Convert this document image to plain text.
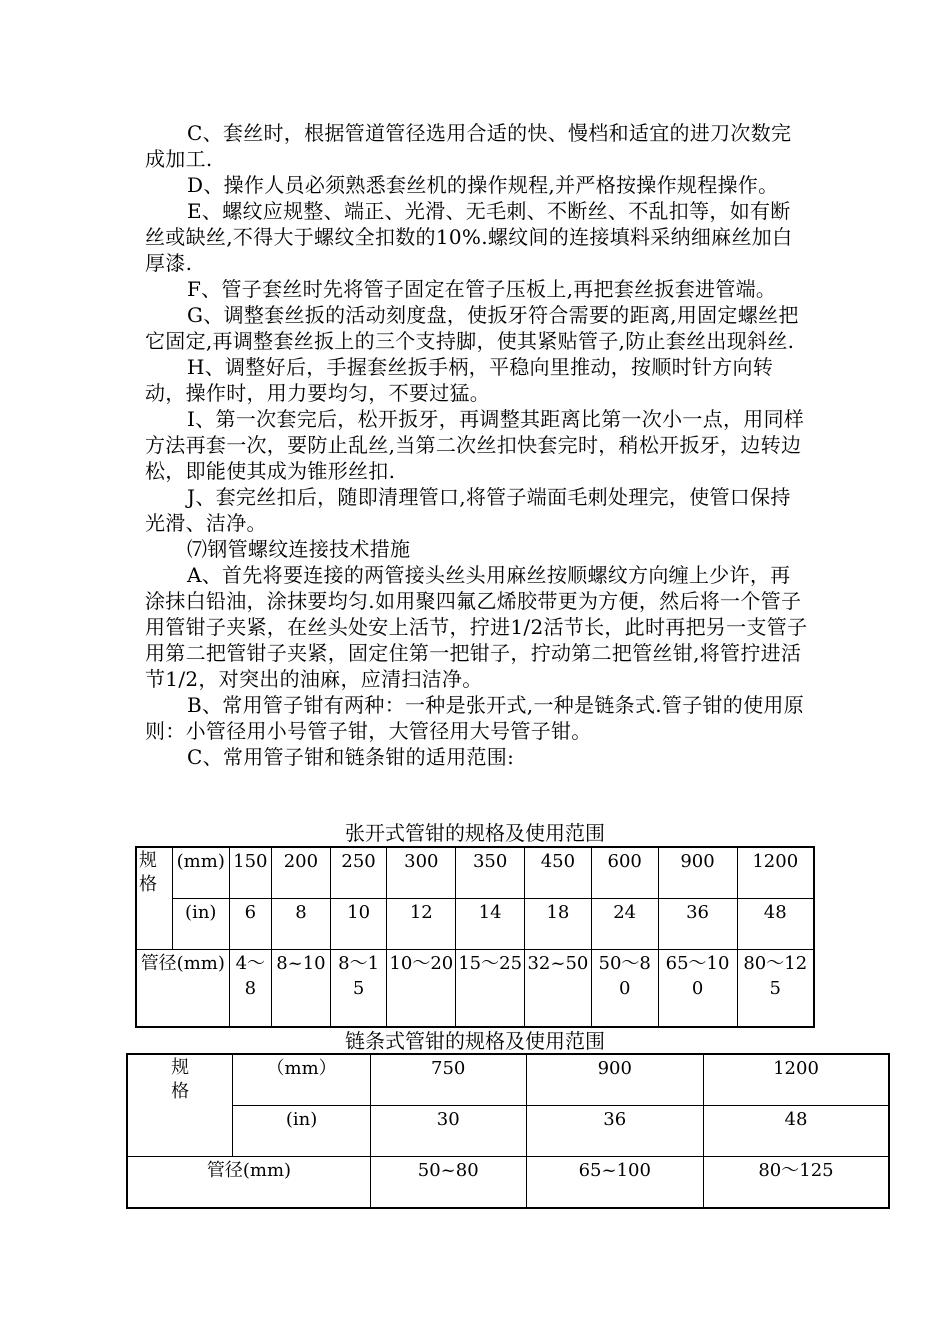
C、套丝时，根据管道管径选用合适的快、慢档和适宜的进刀次数完成加工.

D、操作人员必须熟悉套丝机的操作规程,并严格按操作规程操作。

E、螺纹应规整、端正、光滑、无毛刺、不断丝、不乱扣等，如有断丝或缺丝,不得大于螺纹全扣数的10%.螺纹间的连接填料采纳细麻丝加白厚漆.

F、管子套丝时先将管子固定在管子压板上,再把套丝扳套进管端。

G、调整套丝扳的活动刻度盘，使扳牙符合需要的距离,用固定螺丝把它固定,再调整套丝扳上的三个支持脚，使其紧贴管子,防止套丝出现斜丝.

H、调整好后，手握套丝扳手柄，平稳向里推动，按顺时针方向转动，操作时，用力要均匀，不要过猛。

I、第一次套完后，松开扳牙，再调整其距离比第一次小一点，用同样方法再套一次，要防止乱丝,当第二次丝扣快套完时，稍松开扳牙，边转边松，即能使其成为锥形丝扣.

J、套完丝扣后，随即清理管口,将管子端面毛刺处理完，使管口保持光滑、洁净。

⑺钢管螺纹连接技术措施

A、首先将要连接的两管接头丝头用麻丝按顺螺纹方向缠上少许，再涂抹白铅油，涂抹要均匀.如用聚四氟乙烯胶带更为方便，然后将一个管子用管钳子夹紧，在丝头处安上活节，拧进1/2活节长，此时再把另一支管子用第二把管钳子夹紧，固定住第一把钳子，拧动第二把管丝钳,将管拧进活节1/2，对突出的油麻，应清扫洁净。

B、常用管子钳有两种：一种是张开式,一种是链条式.管子钳的使用原则：小管径用小号管子钳，大管径用大号管子钳。

C、常用管子钳和链条钳的适用范围:

张开式管钳的规格及使用范围

规格	(mm)	150	200	250	300	350	450	600	900	1200
	(in)	6	8	10	12	14	18	24	36	48
管径(mm)		4～8	8~10	8～15	10～20	15～25	32~50	50～80	65～100	80～125

链条式管钳的规格及使用范围

规格	（mm）	750	900	1200
	(in)	30	36	48
管径(mm)		50~80	65~100	80～125
